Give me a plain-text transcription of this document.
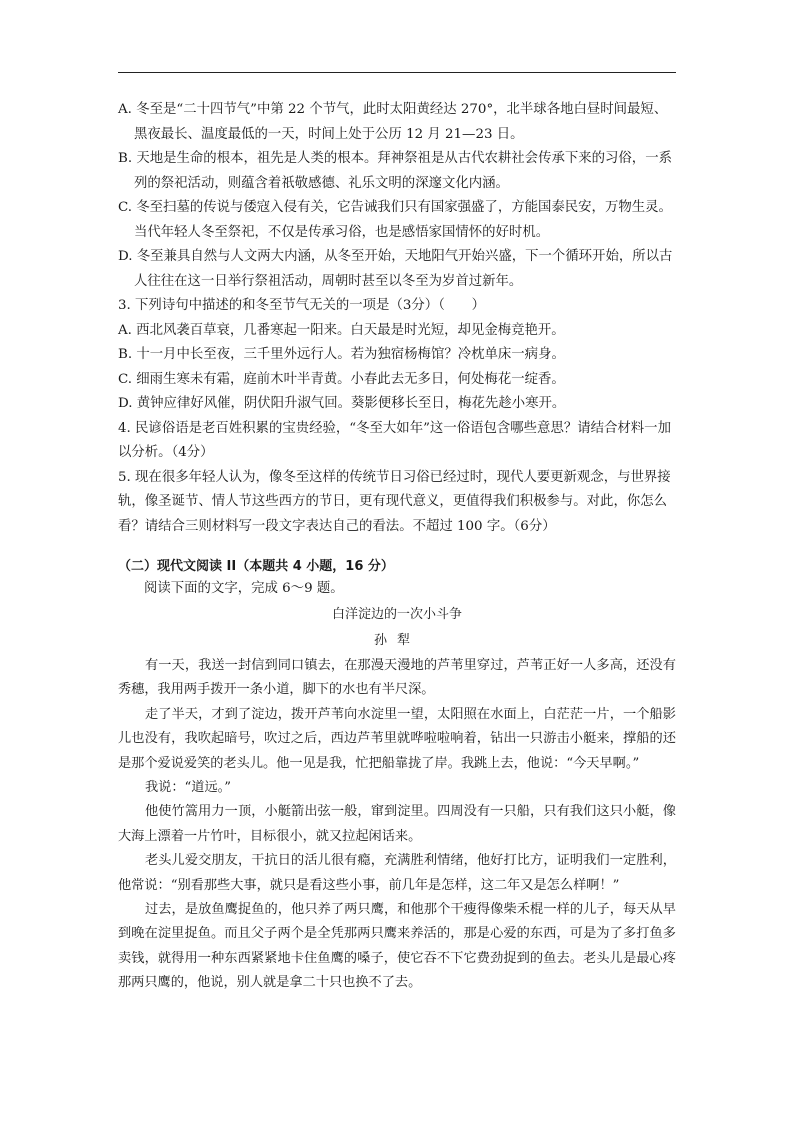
A. 冬至是“二十四节气”中第 22 个节气，此时太阳黄经达 270°，北半球各地白昼时间最短、黑夜最长、温度最低的一天，时间上处于公历 12 月 21—23 日。

B. 天地是生命的根本，祖先是人类的根本。拜神祭祖是从古代农耕社会传承下来的习俗，一系列的祭祀活动，则蕴含着祇敬感德、礼乐文明的深邃文化内涵。

C. 冬至扫墓的传说与倭寇入侵有关，它告诫我们只有国家强盛了，方能国泰民安，万物生灵。当代年轻人冬至祭祀，不仅是传承习俗，也是感悟家国情怀的好时机。

D. 冬至兼具自然与人文两大内涵，从冬至开始，天地阳气开始兴盛，下一个循环开始，所以古人往往在这一日举行祭祖活动，周朝时甚至以冬至为岁首过新年。

3. 下列诗句中描述的和冬至节气无关的一项是（3分）（　　）

A. 西北风袭百草衰，几番寒起一阳来。白天最是时光短，却见金梅竞艳开。

B. 十一月中长至夜，三千里外远行人。若为独宿杨梅馆？冷枕单床一病身。

C. 细雨生寒未有霜，庭前木叶半青黄。小春此去无多日，何处梅花一绽香。

D. 黄钟应律好风催，阴伏阳升淑气回。葵影便移长至日，梅花先趁小寒开。

4. 民谚俗语是老百姓积累的宝贵经验，“冬至大如年”这一俗语包含哪些意思？请结合材料一加以分析。（4分）

5. 现在很多年轻人认为，像冬至这样的传统节日习俗已经过时，现代人要更新观念，与世界接轨，像圣诞节、情人节这些西方的节日，更有现代意义，更值得我们积极参与。对此，你怎么看？请结合三则材料写一段文字表达自己的看法。不超过 100 字。（6分）

（二）现代文阅读 II（本题共 4 小题，16 分）

阅读下面的文字，完成 6～9 题。

白洋淀边的一次小斗争

孙犁

有一天，我送一封信到同口镇去，在那漫天漫地的芦苇里穿过，芦苇正好一人多高，还没有秀穗，我用两手拨开一条小道，脚下的水也有半尺深。

走了半天，才到了淀边，拨开芦苇向水淀里一望，太阳照在水面上，白茫茫一片，一个船影儿也没有，我吹起暗号，吹过之后，西边芦苇里就哗啦啦响着，钻出一只游击小艇来，撑船的还是那个爱说爱笑的老头儿。他一见是我，忙把船靠拢了岸。我跳上去，他说：“今天早啊。”

我说：“道远。”

他使竹篙用力一顶，小艇箭出弦一般，窜到淀里。四周没有一只船，只有我们这只小艇，像大海上漂着一片竹叶，目标很小，就又拉起闲话来。

老头儿爱交朋友，干抗日的活儿很有瘾，充满胜利情绪，他好打比方，证明我们一定胜利，他常说：“别看那些大事，就只是看这些小事，前几年是怎样，这二年又是怎么样啊！”

过去，是放鱼鹰捉鱼的，他只养了两只鹰，和他那个干瘦得像柴禾棍一样的儿子，每天从早到晚在淀里捉鱼。而且父子两个是全凭那两只鹰来养活的，那是心爱的东西，可是为了多打鱼多卖钱，就得用一种东西紧紧地卡住鱼鹰的嗓子，使它吞不下它费劲捉到的鱼去。老头儿是最心疼那两只鹰的，他说，别人就是拿二十只也换不了去。
